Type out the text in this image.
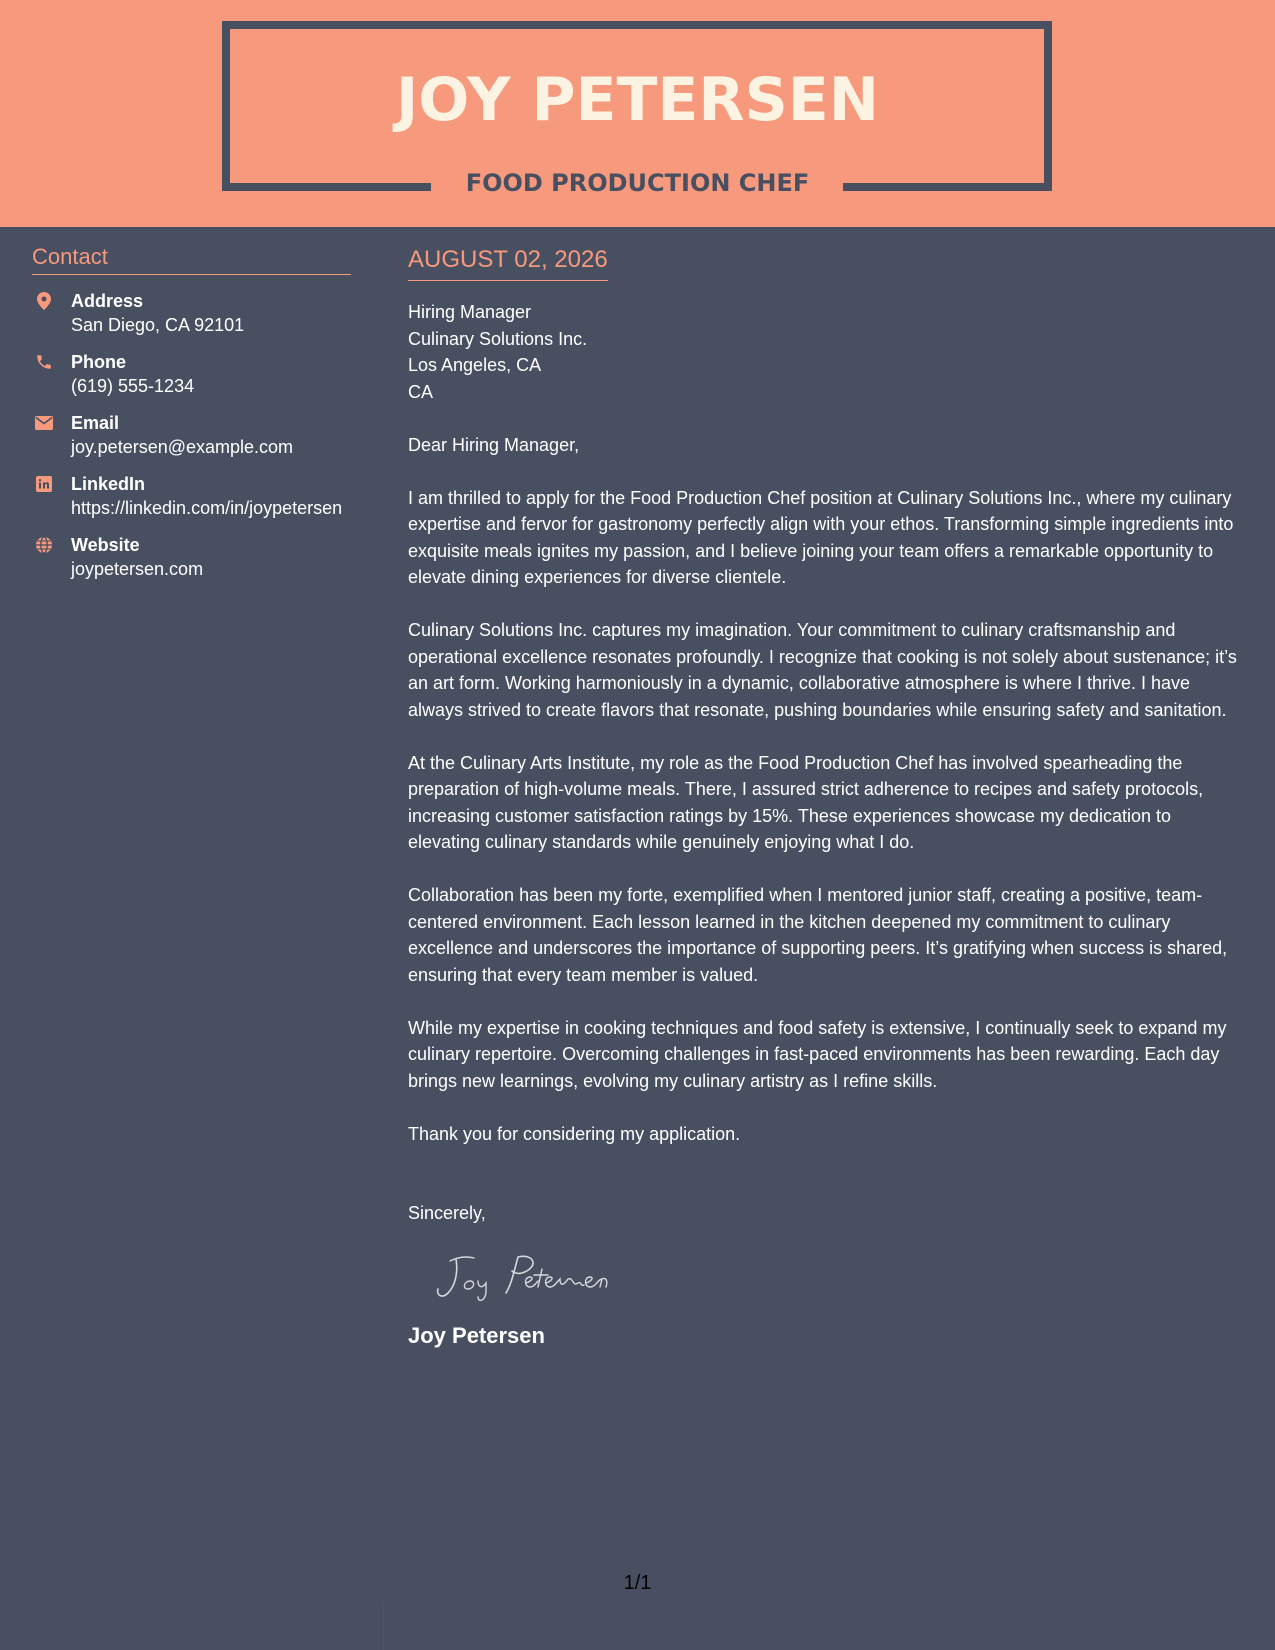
JOY PETERSEN
FOOD PRODUCTION CHEF
Contact
Address
San Diego, CA 92101
Phone
(619) 555-1234
Email
joy.petersen@example.com
LinkedIn
https://linkedin.com/in/joypetersen
Website
joypetersen.com
AUGUST 02, 2026
Hiring Manager
Culinary Solutions Inc.
Los Angeles, CA
CA
Dear Hiring Manager,
I am thrilled to apply for the Food Production Chef position at Culinary Solutions Inc., where my culinary expertise and fervor for gastronomy perfectly align with your ethos. Transforming simple ingredients into exquisite meals ignites my passion, and I believe joining your team offers a remarkable opportunity to elevate dining experiences for diverse clientele.
Culinary Solutions Inc. captures my imagination. Your commitment to culinary craftsmanship and operational excellence resonates profoundly. I recognize that cooking is not solely about sustenance; it’s an art form. Working harmoniously in a dynamic, collaborative atmosphere is where I thrive. I have always strived to create flavors that resonate, pushing boundaries while ensuring safety and sanitation.
At the Culinary Arts Institute, my role as the Food Production Chef has involved spearheading the preparation of high-volume meals. There, I assured strict adherence to recipes and safety protocols, increasing customer satisfaction ratings by 15%. These experiences showcase my dedication to elevating culinary standards while genuinely enjoying what I do.
Collaboration has been my forte, exemplified when I mentored junior staff, creating a positive, team-centered environment. Each lesson learned in the kitchen deepened my commitment to culinary excellence and underscores the importance of supporting peers. It’s gratifying when success is shared, ensuring that every team member is valued.
While my expertise in cooking techniques and food safety is extensive, I continually seek to expand my culinary repertoire. Overcoming challenges in fast-paced environments has been rewarding. Each day brings new learnings, evolving my culinary artistry as I refine skills.
Thank you for considering my application.
Sincerely,
Joy Petersen
1/1
